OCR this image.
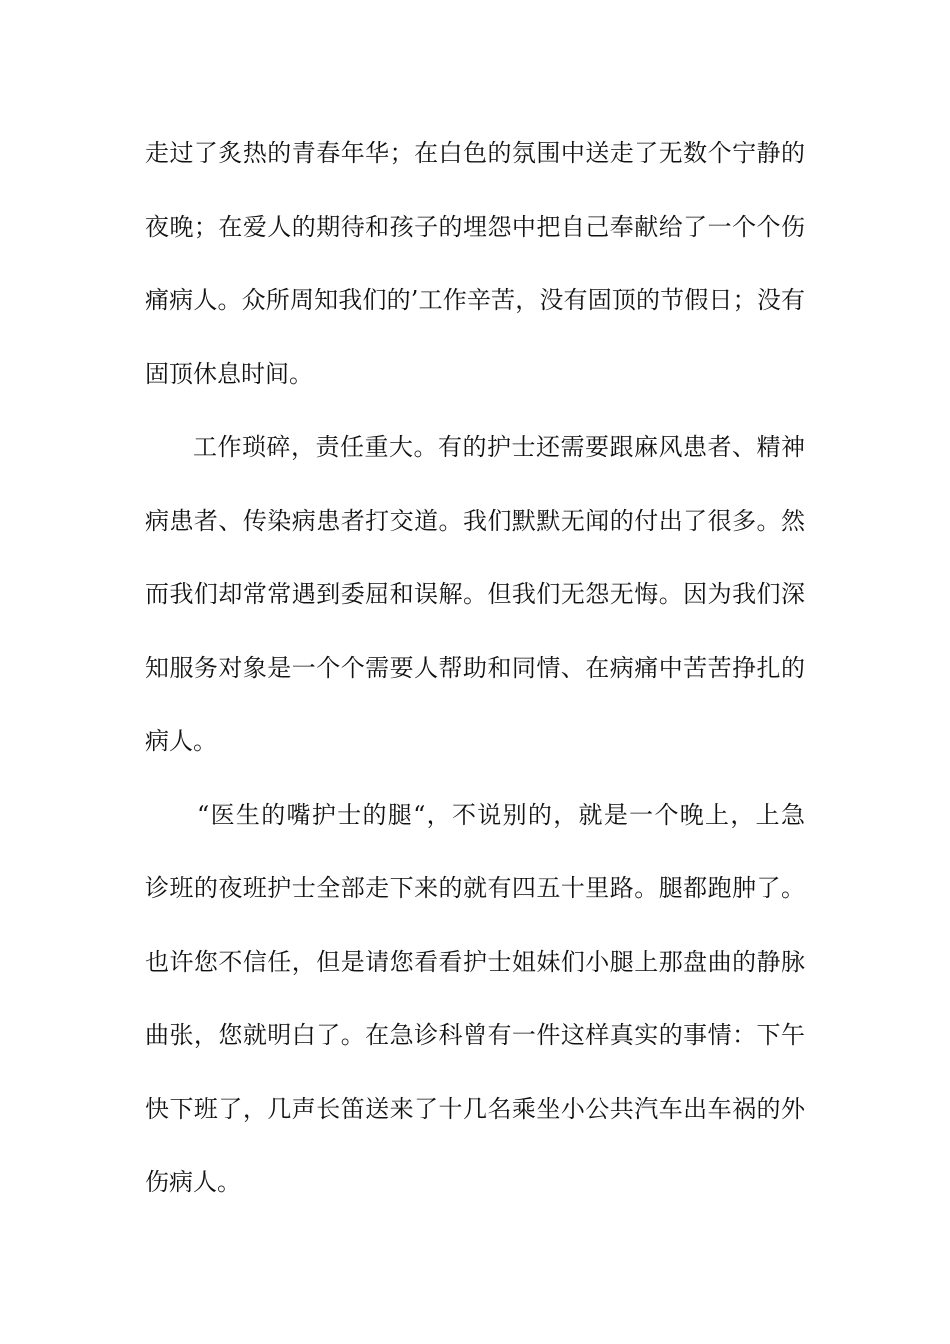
走过了炙热的青春年华；在白色的氛围中送走了无数个宁静的
夜晚；在爱人的期待和孩子的埋怨中把自己奉献给了一个个伤
痛病人。众所周知我们的’工作辛苦，没有固顶的节假日；没有
固顶休息时间。
工作琐碎，责任重大。有的护士还需要跟麻风患者、精神
病患者、传染病患者打交道。我们默默无闻的付出了很多。然
而我们却常常遇到委屈和误解。但我们无怨无悔。因为我们深
知服务对象是一个个需要人帮助和同情、在病痛中苦苦挣扎的
病人。
“医生的嘴护士的腿“，不说别的，就是一个晚上，上急
诊班的夜班护士全部走下来的就有四五十里路。腿都跑肿了。
也许您不信任，但是请您看看护士姐妹们小腿上那盘曲的静脉
曲张，您就明白了。在急诊科曾有一件这样真实的事情：下午
快下班了，几声长笛送来了十几名乘坐小公共汽车出车祸的外
伤病人。
